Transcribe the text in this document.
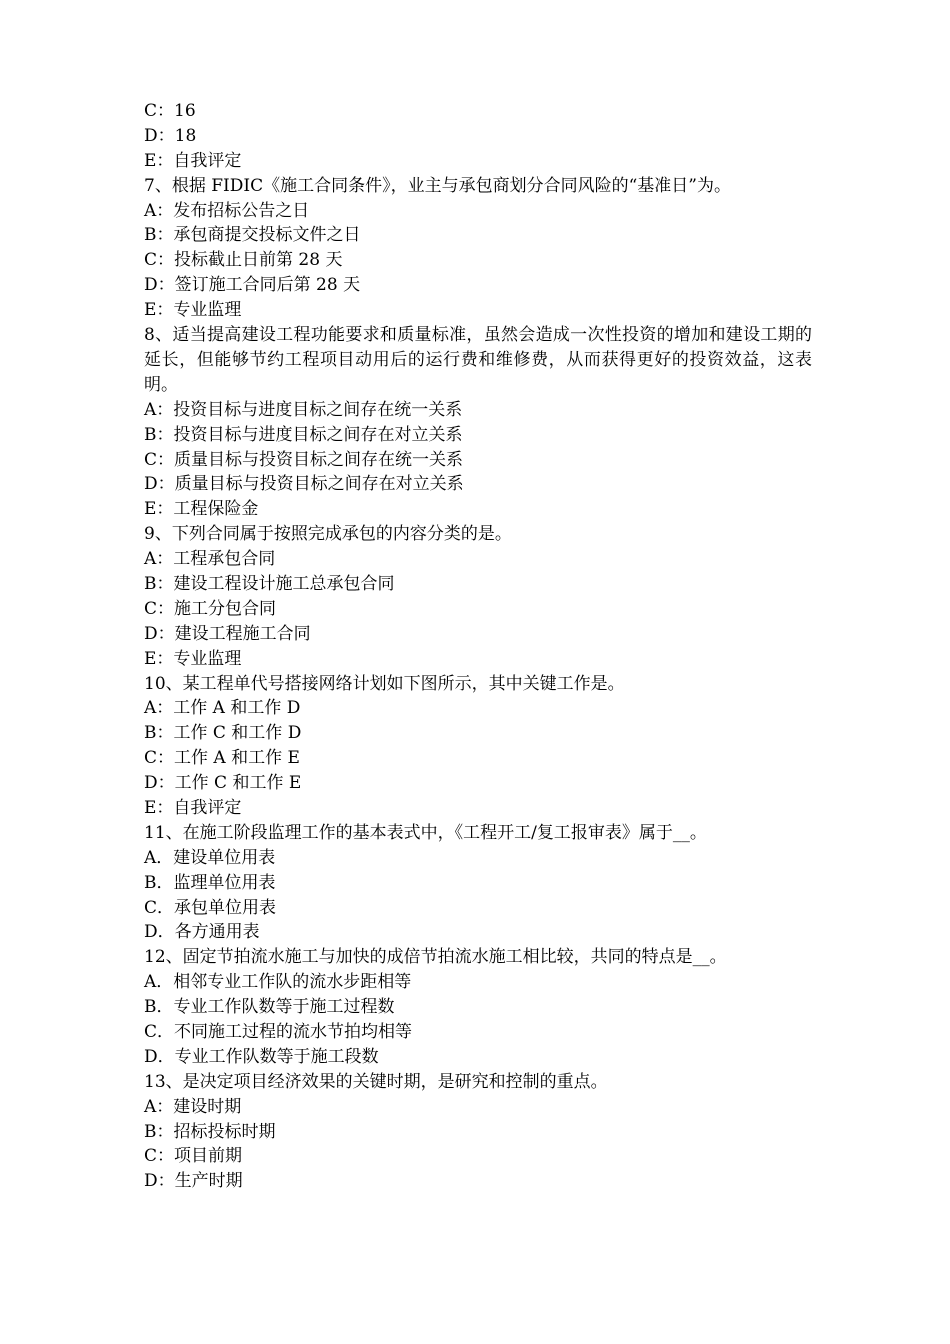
C：16
D：18
E：自我评定
7、根据 FIDIC《施工合同条件》，业主与承包商划分合同风险的“基准日”为。
A：发布招标公告之日
B：承包商提交投标文件之日
C：投标截止日前第 28 天
D：签订施工合同后第 28 天
E：专业监理
8、适当提高建设工程功能要求和质量标准，虽然会造成一次性投资的增加和建设工期的延长，但能够节约工程项目动用后的运行费和维修费，从而获得更好的投资效益，这表明。
A：投资目标与进度目标之间存在统一关系
B：投资目标与进度目标之间存在对立关系
C：质量目标与投资目标之间存在统一关系
D：质量目标与投资目标之间存在对立关系
E：工程保险金
9、下列合同属于按照完成承包的内容分类的是。
A：工程承包合同
B：建设工程设计施工总承包合同
C：施工分包合同
D：建设工程施工合同
E：专业监理
10、某工程单代号搭接网络计划如下图所示，其中关键工作是。
A：工作 A 和工作 D
B：工作 C 和工作 D
C：工作 A 和工作 E
D：工作 C 和工作 E
E：自我评定
11、在施工阶段监理工作的基本表式中，《工程开工/复工报审表》属于__。
A．建设单位用表
B．监理单位用表
C．承包单位用表
D．各方通用表
12、固定节拍流水施工与加快的成倍节拍流水施工相比较，共同的特点是__。
A．相邻专业工作队的流水步距相等
B．专业工作队数等于施工过程数
C．不同施工过程的流水节拍均相等
D．专业工作队数等于施工段数
13、是决定项目经济效果的关键时期，是研究和控制的重点。
A：建设时期
B：招标投标时期
C：项目前期
D：生产时期
